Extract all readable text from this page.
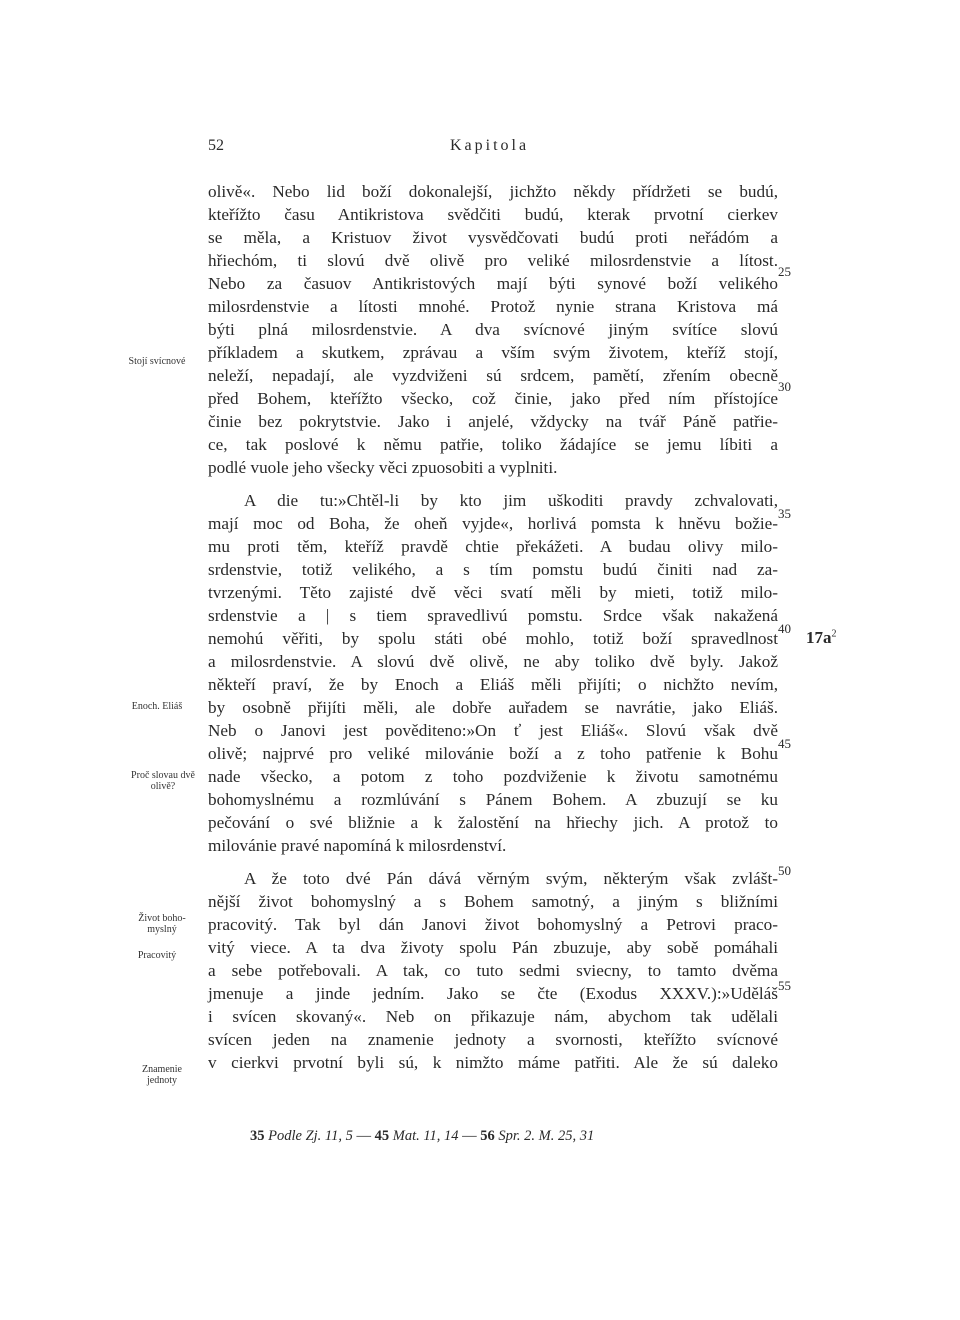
52	Kapitola
olivě«. Nebo lid boží dokonalejší, jichžto někdy přídržeti se budú,
kteřížto času Antikristova svědčiti budú, kterak prvotní cierkev
se měla, a Kristuov život vysvědčovati budú proti neřádóm a
hřiechóm, ti slovú dvě olivě pro veliké milosrdenstvie a lítost.
Nebo za časuov Antikristových mají býti synové boží velikého
milosrdenstvie a lítosti mnohé. Protož nynie strana Kristova má
býti plná milosrdenstvie. A dva svícnové jiným svítíce slovú
příkladem a skutkem, zprávau a vším svým životem, kteříž stojí,
neleží, nepadají, ale vyzdviženi sú srdcem, pamětí, zřením obecně
před Bohem, kteřížto všecko, což činie, jako před ním přístojíce
činie bez pokrytstvie. Jako i anjelé, vždycky na tvář Páně patřie-
ce, tak poslové k němu patřie, toliko žádajíce se jemu líbiti a
podlé vuole jeho všecky věci zpuosobiti a vyplniti.
A die tu:»Chtěl-li by kto jim uškoditi pravdy zchvalovati,
mají moc od Boha, že oheň vyjde«, horlivá pomsta k hněvu božie-
mu proti těm, kteříž pravdě chtie překážeti. A budau olivy milo-
srdenstvie, totiž velikého, a s tím pomstu budú činiti nad za-
tvrzenými. Těto zajisté dvě věci svatí měli by mieti, totiž milo-
srdenstvie a | s tiem spravedlivú pomstu. Srdce však nakažená
nemohú věřiti, by spolu státi obé mohlo, totiž boží spravedlnost
a milosrdenstvie. A slovú dvě olivě, ne aby toliko dvě byly. Jakož
někteří praví, že by Enoch a Eliáš měli přijíti; o nichžto nevím,
by osobně přijíti měli, ale dobře auřadem se navrátie, jako Eliáš.
Neb o Janovi jest pověditeno:»On ť jest Eliáš«. Slovú však dvě
olivě; najprvé pro veliké milovánie boží a z toho patřenie k Bohu
nade všecko, a potom z toho pozdviženie k životu samotnému
bohomyslnému a rozmlúvání s Pánem Bohem. A zbuzují se ku
pečování o své bližnie a k žalostění na hřiechy jich. A protož to
milovánie pravé napomíná k milosrdenství.
A že toto dvé Pán dává věrným svým, některým však zvlášt-
nější život bohomyslný a s Bohem samotný, a jiným s bližními
pracovitý. Tak byl dán Janovi život bohomyslný a Petrovi praco-
vitý viece. A ta dva životy spolu Pán zbuzuje, aby sobě pomáhali
a sebe potřebovali. A tak, co tuto sedmi sviecny, to tamto dvěma
jmenuje a jinde jedním. Jako se čte (Exodus XXXV.):»Uděláš
i svícen skovaný«. Neb on přikazuje nám, abychom tak udělali
svícen jeden na znamenie jednoty a svornosti, kteřížto svícnové
v cierkvi prvotní byli sú, k nimžto máme patřiti. Ale že sú daleko
25
30
35
40
45
50
55
$17a^2$
Stojí svícnové
Enoch. Eliáš
Proč slovau dvě olivě?
Život boho-myslný
Pracovitý
Znamenie jednoty
35 Podle Zj. 11, 5 — 45 Mat. 11, 14 — 56 Spr. 2. M. 25, 31
